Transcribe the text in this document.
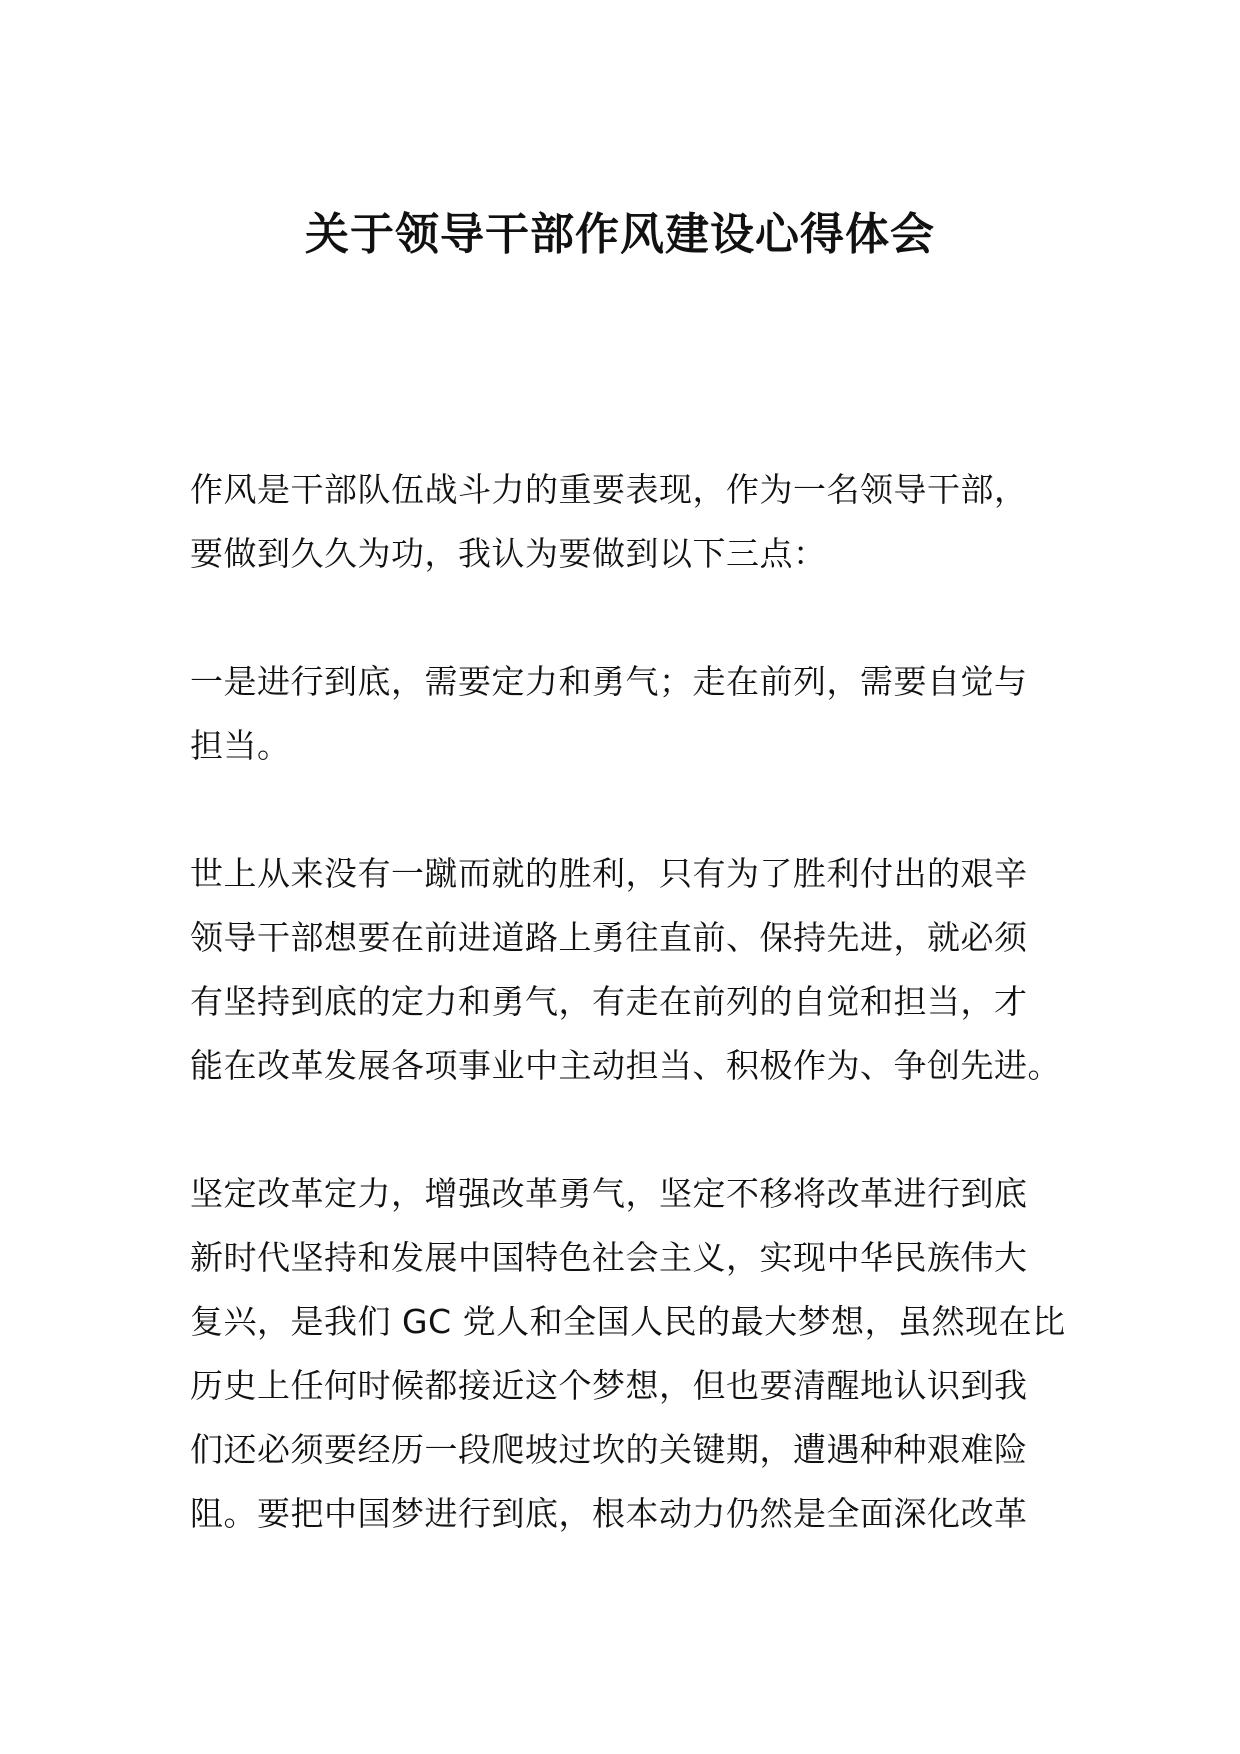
关于领导干部作风建设心得体会
作风是干部队伍战斗力的重要表现，作为一名领导干部，
要做到久久为功，我认为要做到以下三点：
一是进行到底，需要定力和勇气；走在前列，需要自觉与
担当。
世上从来没有一蹴而就的胜利，只有为了胜利付出的艰辛
领导干部想要在前进道路上勇往直前、保持先进，就必须
有坚持到底的定力和勇气，有走在前列的自觉和担当，才
能在改革发展各项事业中主动担当、积极作为、争创先进。
坚定改革定力，增强改革勇气，坚定不移将改革进行到底
新时代坚持和发展中国特色社会主义，实现中华民族伟大
复兴，是我们 GC 党人和全国人民的最大梦想，虽然现在比
历史上任何时候都接近这个梦想，但也要清醒地认识到我
们还必须要经历一段爬坡过坎的关键期，遭遇种种艰难险
阻。要把中国梦进行到底，根本动力仍然是全面深化改革
